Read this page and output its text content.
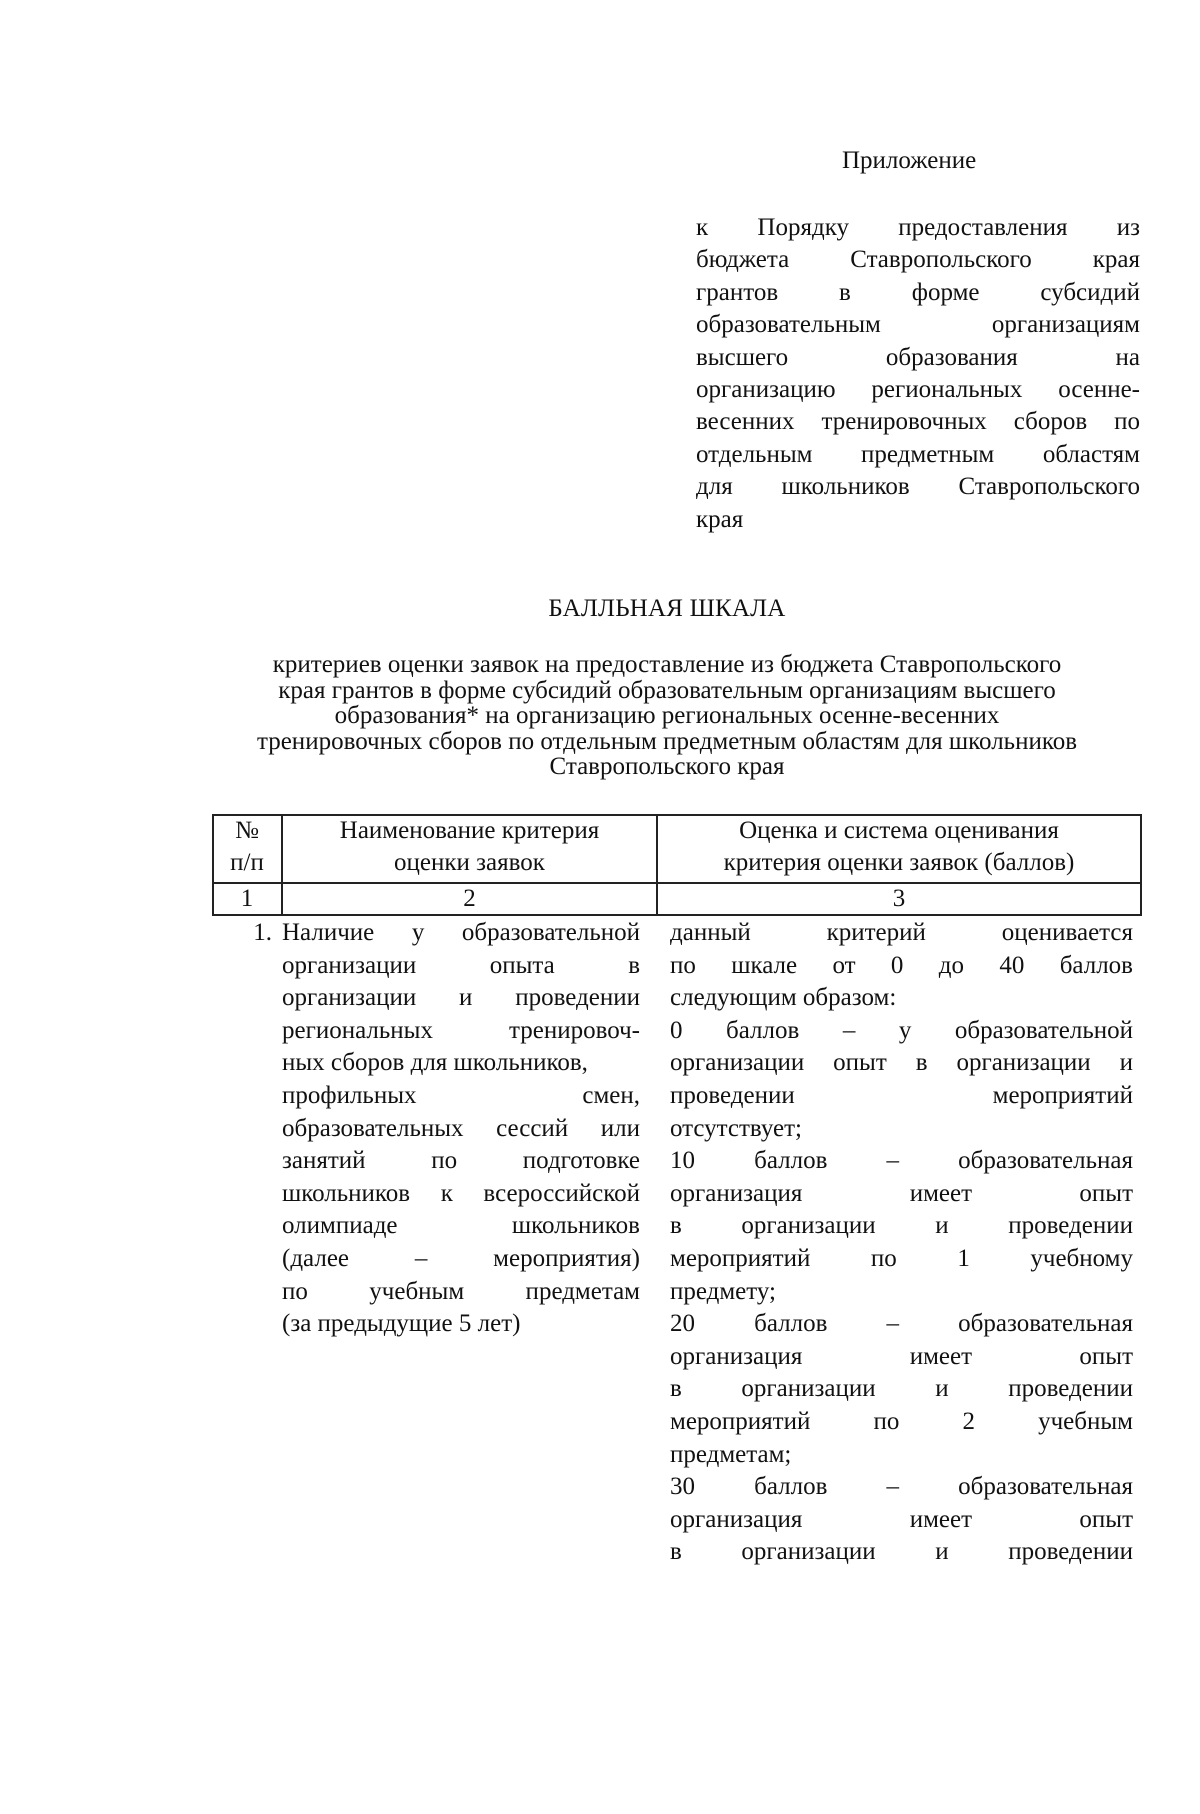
Приложение
к Порядку предоставления из
бюджета Ставропольского края
грантов в форме субсидий
образовательным организациям
высшего образования на
организацию региональных осенне-
весенних тренировочных сборов по
отдельным предметным областям
для школьников Ставропольского
края
БАЛЛЬНАЯ ШКАЛА
критериев оценки заявок на предоставление из бюджета Ставропольского
края грантов в форме субсидий образовательным организациям высшего
образования* на организацию региональных осенне-весенних
тренировочных сборов по отдельным предметным областям для школьников
Ставропольского края
№
п/п
Наименование критерия
оценки заявок
Оценка и система оценивания
критерия оценки заявок (баллов)
1	2	3
1. Наличие у образовательной
организации опыта в
организации и проведении
региональных тренировоч-
ных сборов для школьников,
профильных смен,
образовательных сессий или
занятий по подготовке
школьников к всероссийской
олимпиаде школьников
(далее – мероприятия)
по учебным предметам
(за предыдущие 5 лет)
данный критерий оценивается
по шкале от 0 до 40 баллов
следующим образом:
0 баллов – у образовательной
организации опыт в организации и
проведении мероприятий
отсутствует;
10 баллов – образовательная
организация имеет опыт
в организации и проведении
мероприятий по 1 учебному
предмету;
20 баллов – образовательная
организация имеет опыт
в организации и проведении
мероприятий по 2 учебным
предметам;
30 баллов – образовательная
организация имеет опыт
в организации и проведении
